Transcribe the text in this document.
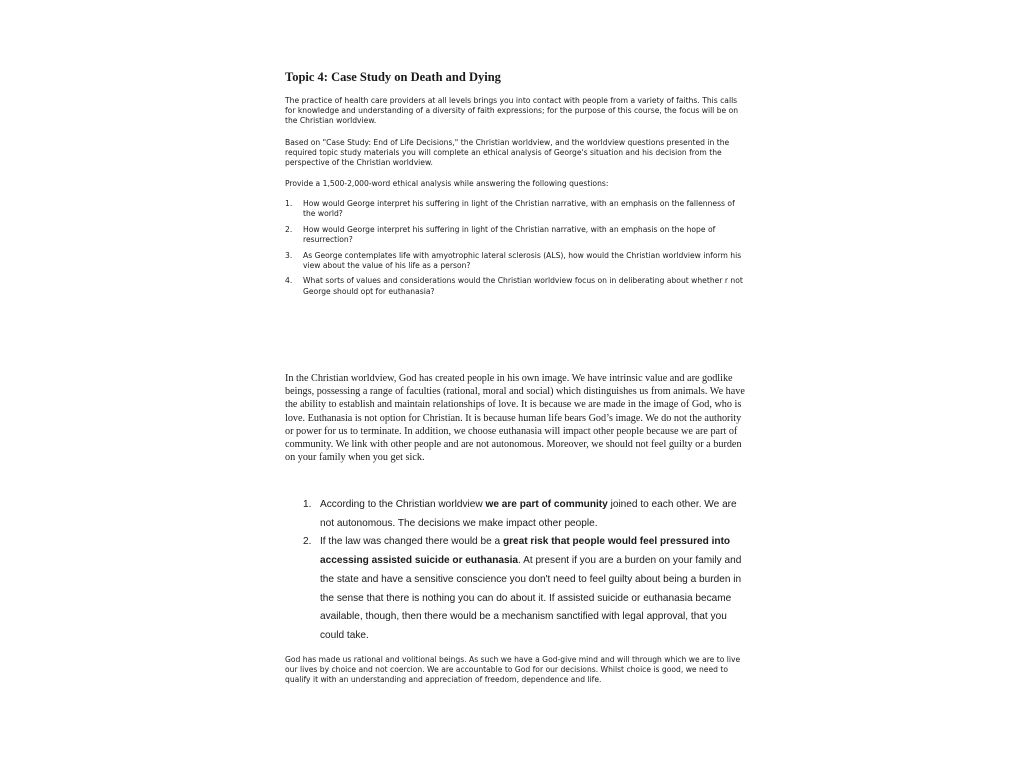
Topic 4: Case Study on Death and Dying
The practice of health care providers at all levels brings you into contact with people from a variety of faiths. This calls for knowledge and understanding of a diversity of faith expressions; for the purpose of this course, the focus will be on the Christian worldview.
Based on "Case Study: End of Life Decisions," the Christian worldview, and the worldview questions presented in the required topic study materials you will complete an ethical analysis of George's situation and his decision from the perspective of the Christian worldview.
Provide a 1,500-2,000-word ethical analysis while answering the following questions:
1. How would George interpret his suffering in light of the Christian narrative, with an emphasis on the fallenness of the world?
2. How would George interpret his suffering in light of the Christian narrative, with an emphasis on the hope of resurrection?
3. As George contemplates life with amyotrophic lateral sclerosis (ALS), how would the Christian worldview inform his view about the value of his life as a person?
4. What sorts of values and considerations would the Christian worldview focus on in deliberating about whether r not George should opt for euthanasia?
In the Christian worldview, God has created people in his own image. We have intrinsic value and are godlike beings, possessing a range of faculties (rational, moral and social) which distinguishes us from animals. We have the ability to establish and maintain relationships of love. It is because we are made in the image of God, who is love. Euthanasia is not option for Christian. It is because human life bears God’s image. We do not the authority or power for us to terminate. In addition, we choose euthanasia will impact other people because we are part of community. We link with other people and are not autonomous. Moreover, we should not feel guilty or a burden on your family when you get sick.
1. According to the Christian worldview we are part of community joined to each other. We are not autonomous. The decisions we make impact other people.
2. If the law was changed there would be a great risk that people would feel pressured into accessing assisted suicide or euthanasia. At present if you are a burden on your family and the state and have a sensitive conscience you don't need to feel guilty about being a burden in the sense that there is nothing you can do about it. If assisted suicide or euthanasia became available, though, then there would be a mechanism sanctified with legal approval, that you could take.
God has made us rational and volitional beings. As such we have a God-give mind and will through which we are to live our lives by choice and not coercion. We are accountable to God for our decisions. Whilst choice is good, we need to qualify it with an understanding and appreciation of freedom, dependence and life.
